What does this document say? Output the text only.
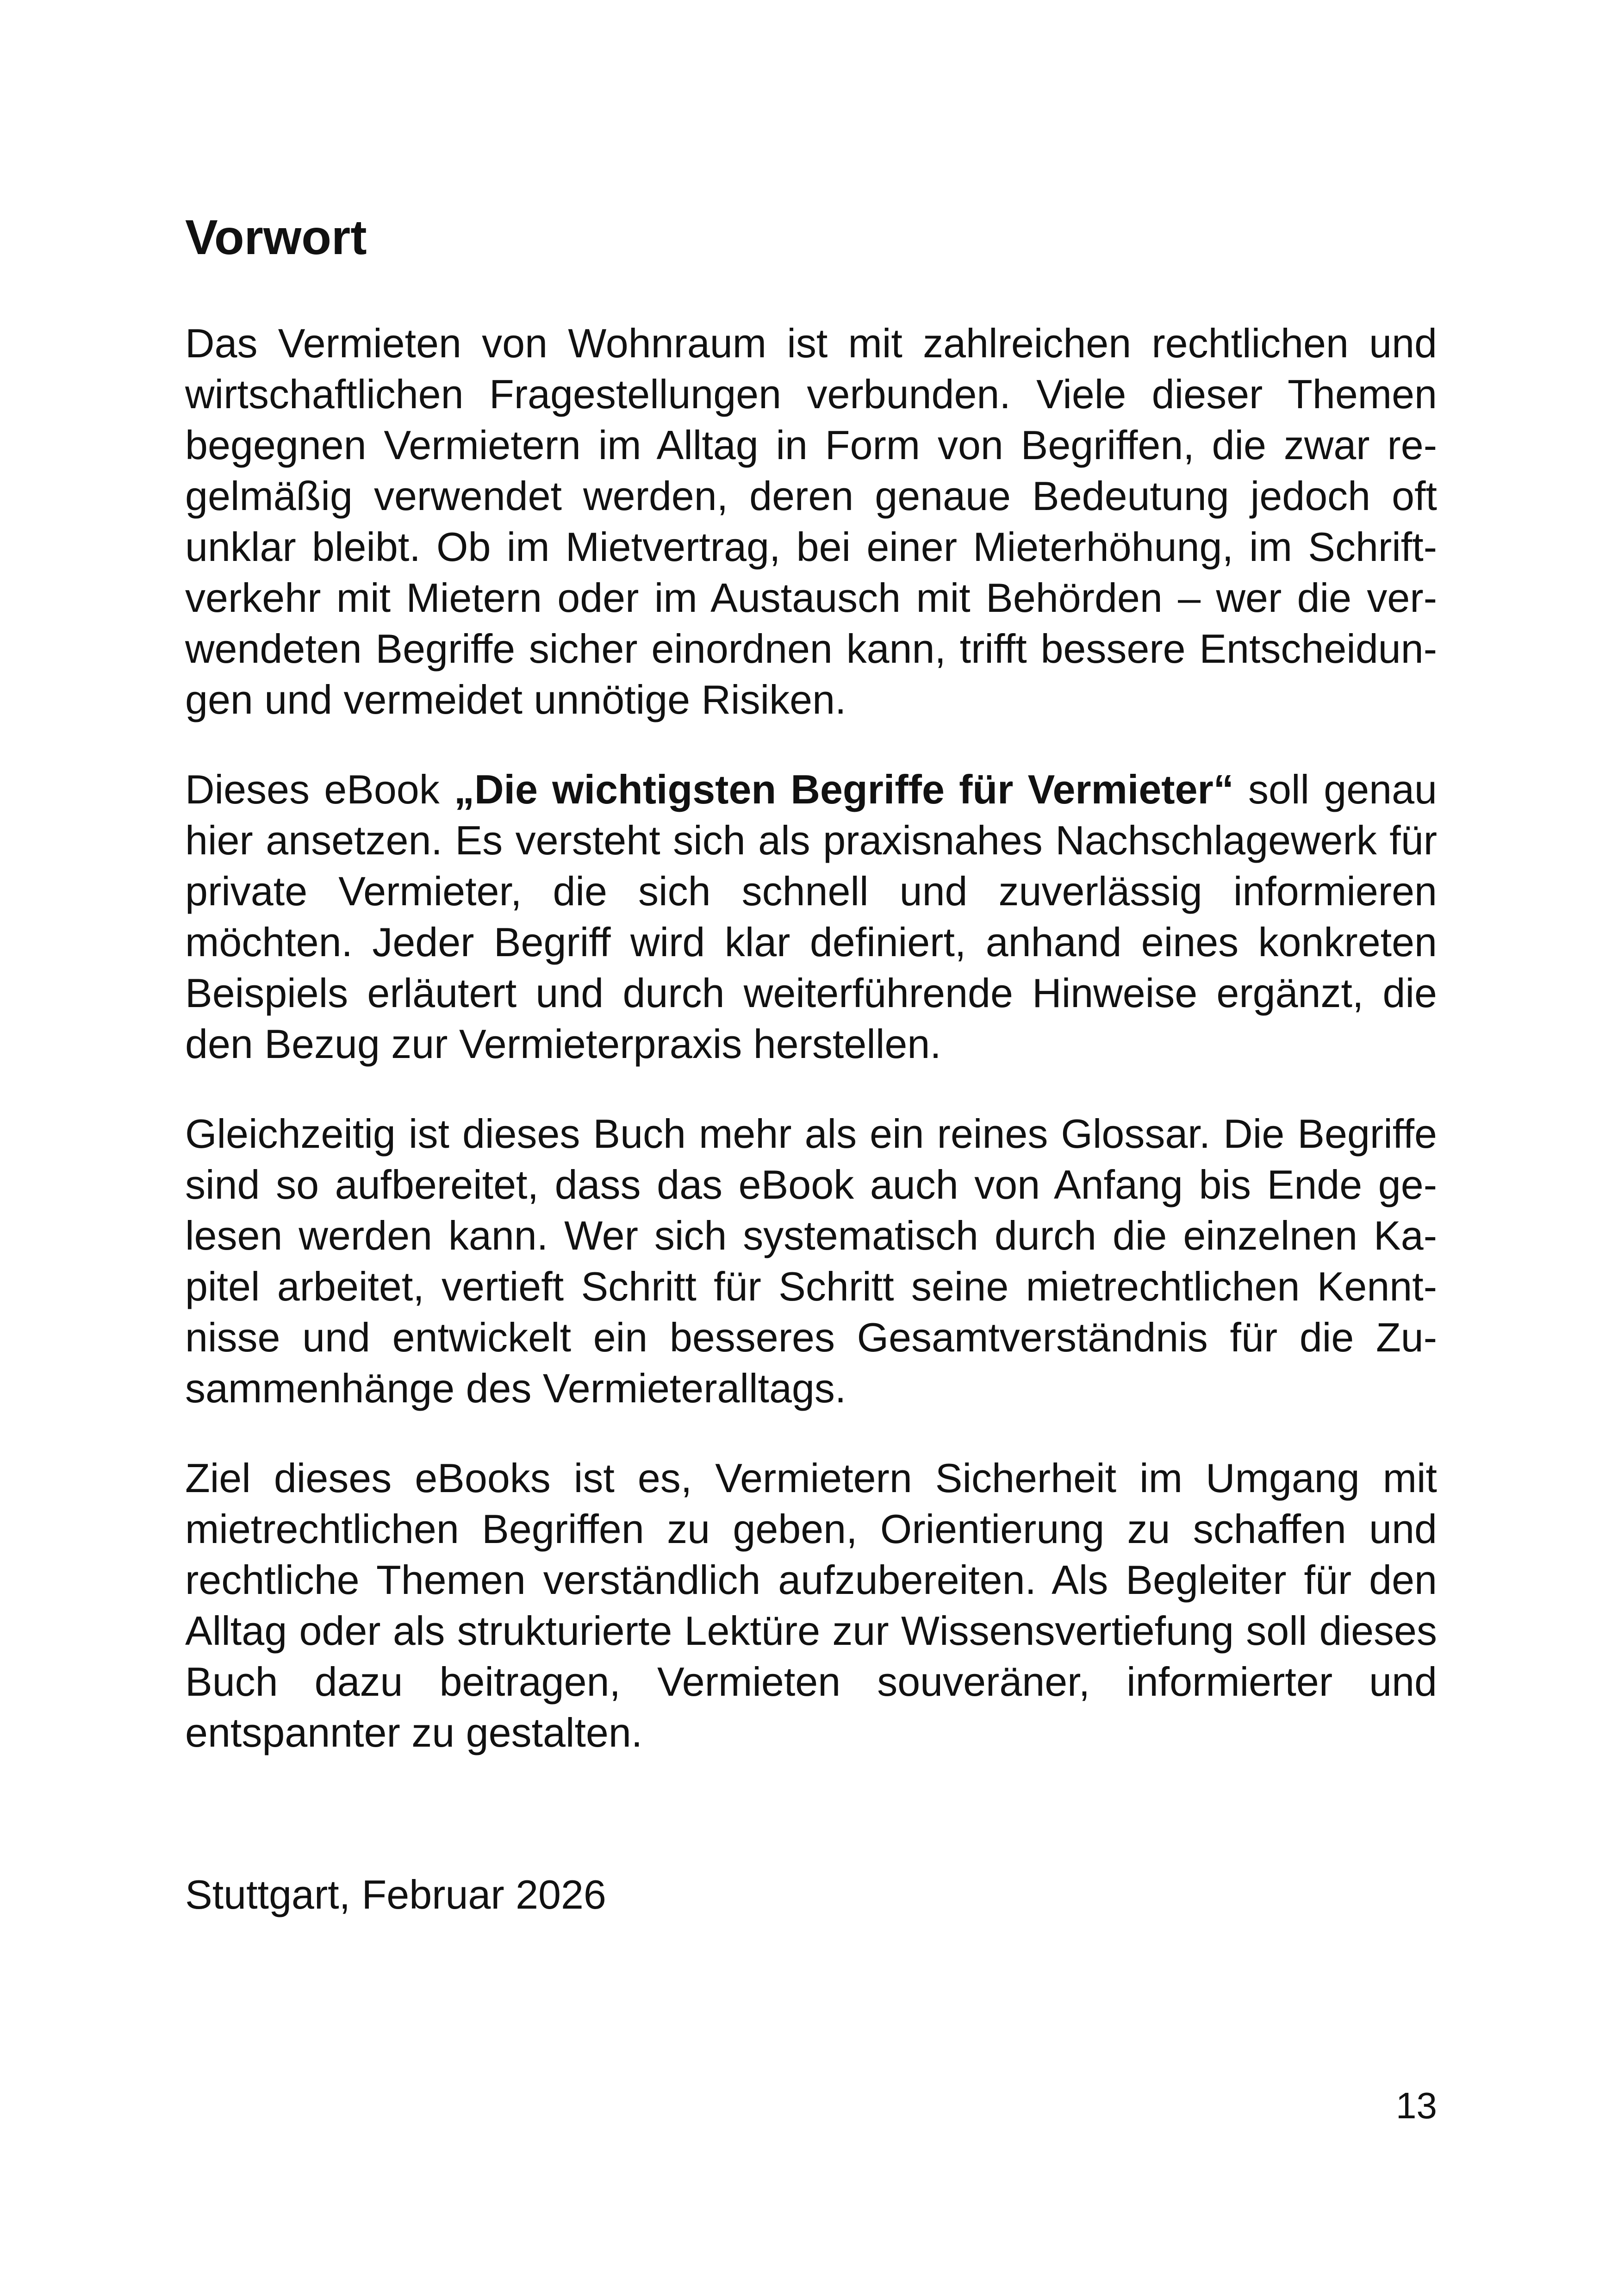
Vorwort

Das Vermieten von Wohnraum ist mit zahlreichen rechtlichen und wirtschaftlichen Fragestellungen verbunden. Viele dieser Themen begegnen Vermietern im Alltag in Form von Begriffen, die zwar regelmäßig verwendet werden, deren genaue Bedeutung jedoch oft unklar bleibt. Ob im Mietvertrag, bei einer Mieterhöhung, im Schriftverkehr mit Mietern oder im Austausch mit Behörden – wer die verwendeten Begriffe sicher einordnen kann, trifft bessere Entscheidungen und vermeidet unnötige Risiken.

Dieses eBook „Die wichtigsten Begriffe für Vermieter“ soll genau hier ansetzen. Es versteht sich als praxisnahes Nachschlagewerk für private Vermieter, die sich schnell und zuverlässig informieren möchten. Jeder Begriff wird klar definiert, anhand eines konkreten Beispiels erläutert und durch weiterführende Hinweise ergänzt, die den Bezug zur Vermieterpraxis herstellen.

Gleichzeitig ist dieses Buch mehr als ein reines Glossar. Die Begriffe sind so aufbereitet, dass das eBook auch von Anfang bis Ende gelesen werden kann. Wer sich systematisch durch die einzelnen Kapitel arbeitet, vertieft Schritt für Schritt seine mietrechtlichen Kenntnisse und entwickelt ein besseres Gesamtverständnis für die Zusammenhänge des Vermieteralltags.

Ziel dieses eBooks ist es, Vermietern Sicherheit im Umgang mit mietrechtlichen Begriffen zu geben, Orientierung zu schaffen und rechtliche Themen verständlich aufzubereiten. Als Begleiter für den Alltag oder als strukturierte Lektüre zur Wissensvertiefung soll dieses Buch dazu beitragen, Vermieten souveräner, informierter und entspannter zu gestalten.

Stuttgart, Februar 2026
13
